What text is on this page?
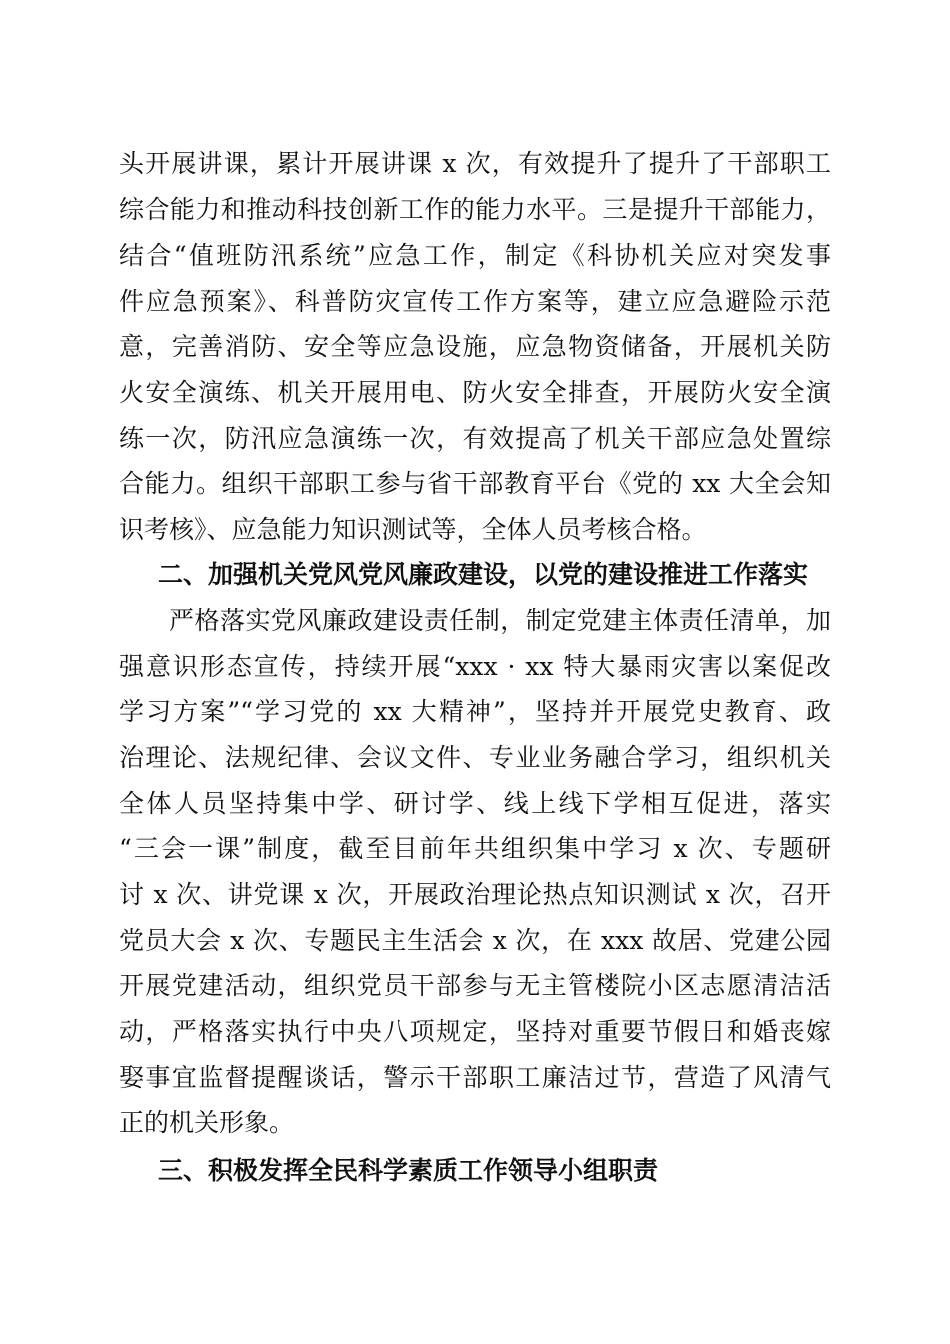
头开展讲课，累计开展讲课 x 次，有效提升了提升了干部职工
综合能力和推动科技创新工作的能力水平。三是提升干部能力，
结合“值班防汛系统”应急工作，制定《科协机关应对突发事
件应急预案》、科普防灾宣传工作方案等，建立应急避险示范
意，完善消防、安全等应急设施，应急物资储备，开展机关防
火安全演练、机关开展用电、防火安全排查，开展防火安全演
练一次，防汛应急演练一次，有效提高了机关干部应急处置综
合能力。组织干部职工参与省干部教育平台《党的 xx 大全会知
识考核》、应急能力知识测试等，全体人员考核合格。
二、加强机关党风党风廉政建设，以党的建设推进工作落实
严格落实党风廉政建设责任制，制定党建主体责任清单，加
强意识形态宣传，持续开展“xxx · xx 特大暴雨灾害以案促改
学习方案”“学习党的 xx 大精神”，坚持并开展党史教育、政
治理论、法规纪律、会议文件、专业业务融合学习，组织机关
全体人员坚持集中学、研讨学、线上线下学相互促进，落实
“三会一课”制度，截至目前年共组织集中学习 x 次、专题研
讨 x 次、讲党课 x 次，开展政治理论热点知识测试 x 次，召开
党员大会 x 次、专题民主生活会 x 次，在 xxx 故居、党建公园
开展党建活动，组织党员干部参与无主管楼院小区志愿清洁活
动，严格落实执行中央八项规定，坚持对重要节假日和婚丧嫁
娶事宜监督提醒谈话，警示干部职工廉洁过节，营造了风清气
正的机关形象。
三、积极发挥全民科学素质工作领导小组职责
